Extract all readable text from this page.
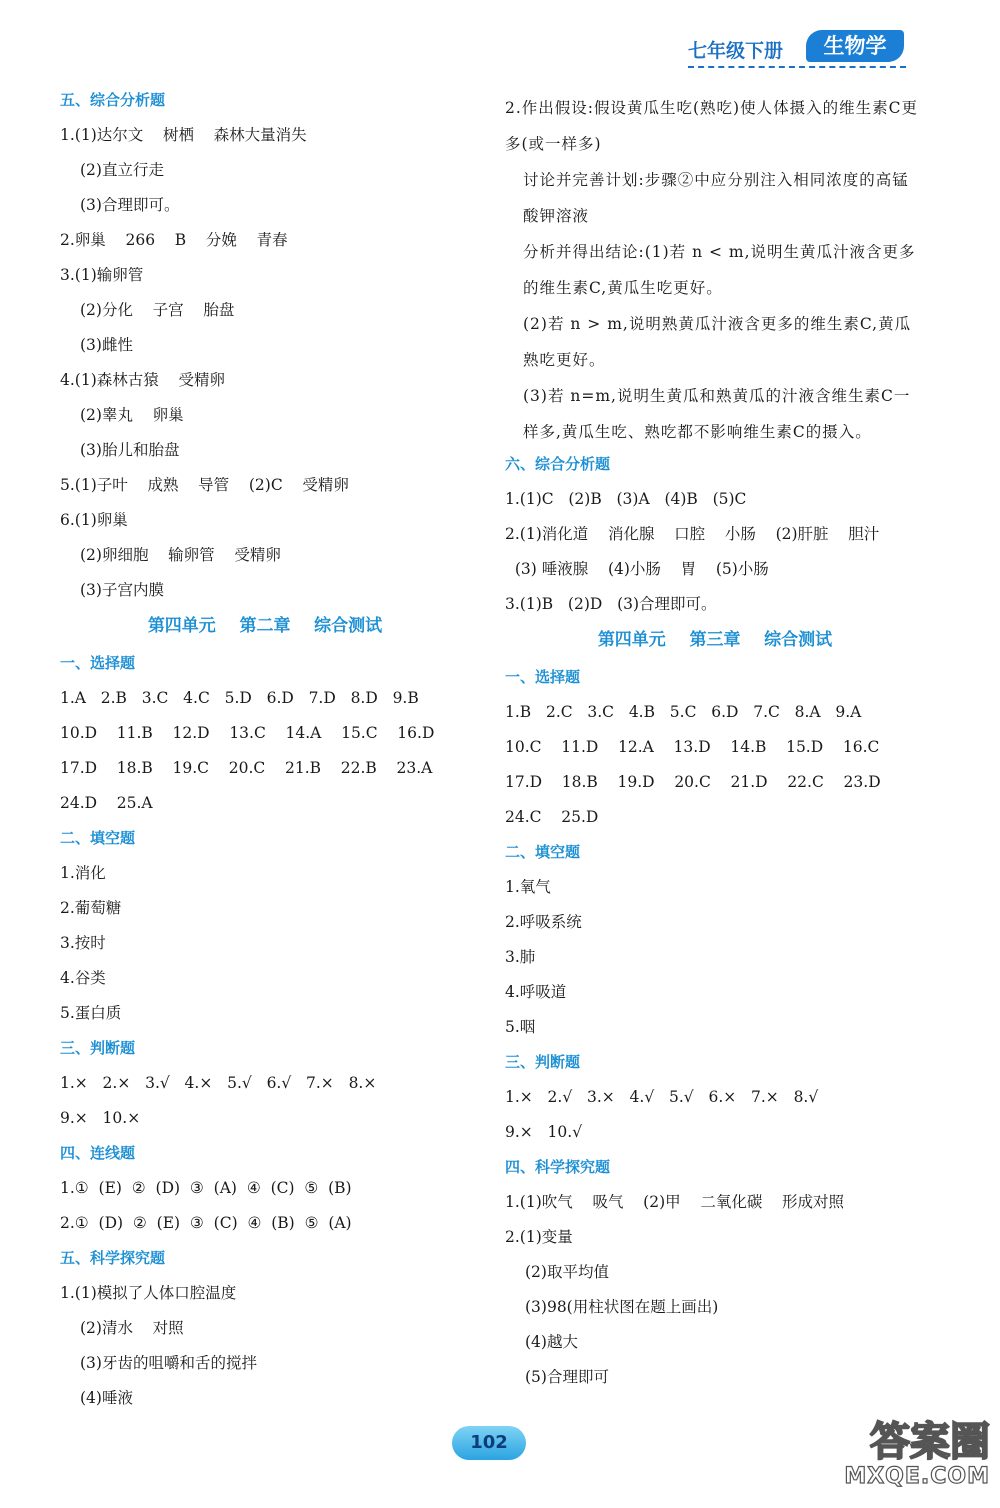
七年级下册	生物学
五、综合分析题
1.(1)达尔文    树栖    森林大量消失
(2)直立行走
(3)合理即可。
2.卵巢    266    B    分娩    青春
3.(1)输卵管
(2)分化    子宫    胎盘
(3)雌性
4.(1)森林古猿    受精卵
(2)睾丸    卵巢
(3)胎儿和胎盘
5.(1)子叶    成熟    导管    (2)C    受精卵
6.(1)卵巢
(2)卵细胞    输卵管    受精卵
(3)子宫内膜
第四单元    第二章    综合测试
一、选择题
1.A   2.B   3.C   4.C   5.D   6.D   7.D   8.D   9.B
10.D    11.B    12.D    13.C    14.A    15.C    16.D
17.D    18.B    19.C    20.C    21.B    22.B    23.A
24.D    25.A
二、填空题
1.消化
2.葡萄糖
3.按时
4.谷类
5.蛋白质
三、判断题
1.×   2.×   3.√   4.×   5.√   6.√   7.×   8.×
9.×   10.×
四、连线题
1.①  (E)  ②  (D)  ③  (A)  ④  (C)  ⑤  (B)
2.①  (D)  ②  (E)  ③  (C)  ④  (B)  ⑤  (A)
五、科学探究题
1.(1)模拟了人体口腔温度
(2)清水    对照
(3)牙齿的咀嚼和舌的搅拌
(4)唾液
2.作出假设:假设黄瓜生吃(熟吃)使人体摄入的维生素C更多(或一样多)
讨论并完善计划:步骤②中应分别注入相同浓度的高锰酸钾溶液
分析并得出结论:(1)若 n < m,说明生黄瓜汁液含更多的维生素C,黄瓜生吃更好。
(2)若 n > m,说明熟黄瓜汁液含更多的维生素C,黄瓜熟吃更好。
(3)若 n=m,说明生黄瓜和熟黄瓜的汁液含维生素C一样多,黄瓜生吃、熟吃都不影响维生素C的摄入。
六、综合分析题
1.(1)C   (2)B   (3)A   (4)B   (5)C
2.(1)消化道    消化腺    口腔    小肠    (2)肝脏    胆汁
(3) 唾液腺    (4)小肠    胃    (5)小肠
3.(1)B   (2)D   (3)合理即可。
第四单元    第三章    综合测试
一、选择题
1.B   2.C   3.C   4.B   5.C   6.D   7.C   8.A   9.A
10.C    11.D    12.A    13.D    14.B    15.D    16.C
17.D    18.B    19.D    20.C    21.D    22.C    23.D
24.C    25.D
二、填空题
1.氧气
2.呼吸系统
3.肺
4.呼吸道
5.咽
三、判断题
1.×   2.√   3.×   4.√   5.√   6.×   7.×   8.√
9.×   10.√
四、科学探究题
1.(1)吹气    吸气    (2)甲    二氧化碳    形成对照
2.(1)变量
(2)取平均值
(3)98(用柱状图在题上画出)
(4)越大
(5)合理即可
102	答案圈
MXQE.COM
